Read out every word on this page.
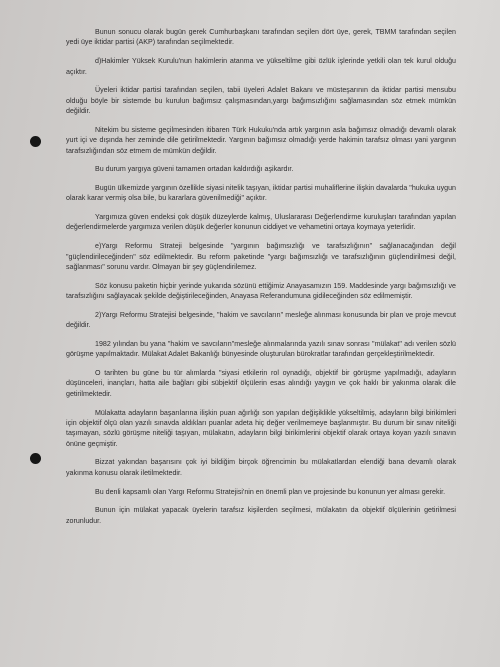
Bunun sonucu olarak bugün gerek Cumhurbaşkanı tarafından seçilen dört üye, gerek, TBMM tarafından seçilen yedi üye iktidar partisi (AKP) tarafından seçilmektedir.

d)Hakimler Yüksek Kurulu'nun hakimlerin atanma ve yükseltilme gibi özlük işlerinde yetkili olan tek kurul olduğu açıktır.

Üyeleri iktidar partisi tarafından seçilen, tabii üyeleri Adalet Bakanı ve müsteşarının da iktidar partisi mensubu olduğu böyle bir sistemde bu kurulun bağımsız çalışmasından,yargı bağımsızlığını sağlamasından söz etmek mümkün değildir.

Nitekim bu sisteme geçilmesinden itibaren Türk Hukuku'nda artık yargının asla bağımsız olmadığı devamlı olarak yurt içi ve dışında her zeminde dile getirilmektedir. Yargının bağımsız olmadığı yerde hakimin tarafsız olması yani yargının tarafsızlığından söz etmem de mümkün değildir.

Bu durum yargıya güveni tamamen ortadan kaldırdığı aşikardır.

Bugün ülkemizde yargının özellikle siyasi nitelik taşıyan, iktidar partisi muhaliflerine ilişkin davalarda "hukuka uygun olarak karar vermiş olsa bile, bu kararlara güvenilmediği" açıktır.

Yargımıza güven endeksi çok düşük düzeylerde kalmış, Uluslararası Değerlendirme kuruluşları tarafından yapılan değerlendirmelerde yargımıza verilen düşük değerler konunun ciddiyet ve vehametini ortaya koymaya yeterlidir.

e)Yargı Reformu Strateji belgesinde "yargının bağımsızlığı ve tarafsızlığının" sağlanacağından değil "güçlendirileceğinden" söz edilmektedir. Bu reform paketinde "yargı bağımsızlığı ve tarafsızlığının güçlendirilmesi değil, sağlanması" sorunu vardır. Olmayan bir şey güçlendirilemez.

Söz konusu paketin hiçbir yerinde yukarıda sözünü ettiğimiz Anayasamızın 159. Maddesinde yargı bağımsızlığı ve tarafsızlığını sağlayacak şekilde değiştirileceğinden, Anayasa Referandumuna gidileceğinden söz edilmemiştir.

2)Yargı Reformu Stratejisi belgesinde, "hakim ve savcıların" mesleğe alınması konusunda bir plan ve proje mevcut değildir.

1982 yılından bu yana "hakim ve savcıların"mesleğe alınmalarında yazılı sınav sonrası "mülakat" adı verilen sözlü görüşme yapılmaktadır. Mülakat Adalet Bakanlığı bünyesinde oluşturulan bürokratlar tarafından gerçekleştirilmektedir.

O tarihten bu güne bu tür alımlarda "siyasi etkilerin rol oynadığı, objektif bir görüşme yapılmadığı, adayların düşünceleri, inançları, hatta aile bağları gibi sübjektif ölçülerin esas alındığı yaygın ve çok haklı bir yakınma olarak dile getirilmektedir.

Mülakatta adayların başarılarına ilişkin puan ağırlığı son yapılan değişiklikle yükseltilmiş, adayların bilgi birikimleri için objektif ölçü olan yazılı sınavda aldıkları puanlar adeta hiç değer verilmemeye başlanmıştır. Bu durum bir sınav niteliği taşımayan, sözlü görüşme niteliği taşıyan, mülakatın, adayların bilgi birikimlerini objektif olarak ortaya koyan yazılı sınavın önüne geçmiştir.

Bizzat yakından başarısını çok iyi bildiğim birçok öğrencimin bu mülakatlardan elendiği bana devamlı olarak yakınma konusu olarak iletilmektedir.

Bu denli kapsamlı olan Yargı Reformu Stratejisi'nin en önemli plan ve projesinde bu konunun yer alması gerekir.

Bunun için mülakat yapacak üyelerin tarafsız kişilerden seçilmesi, mülakatın da objektif ölçülerinin getirilmesi zorunludur.
